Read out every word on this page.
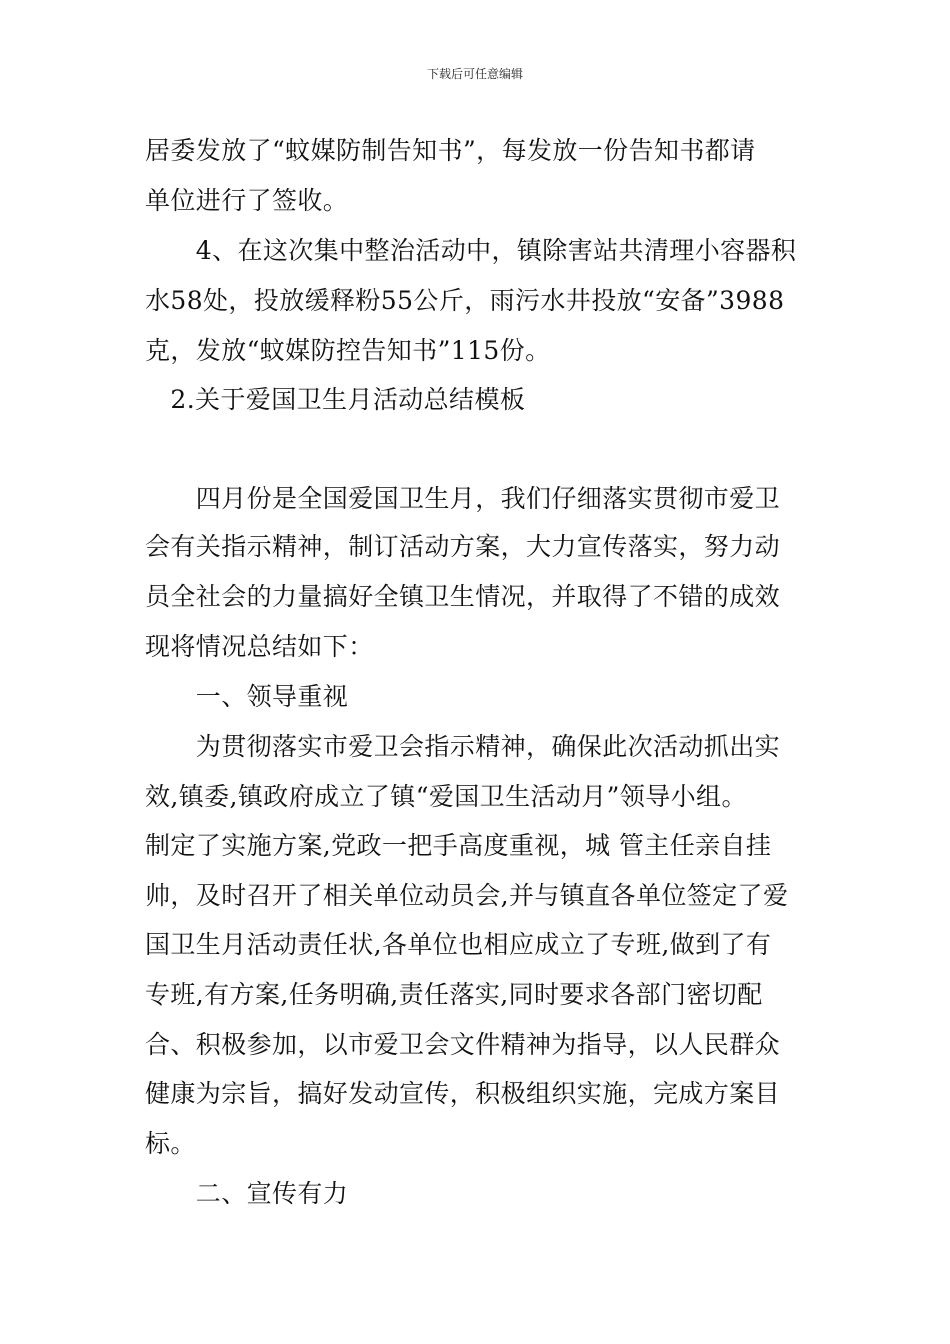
下载后可任意编辑
居委发放了“蚊媒防制告知书”，每发放一份告知书都请
单位进行了签收。
　　4、在这次集中整治活动中，镇除害站共清理小容器积
水58处，投放缓释粉55公斤，雨污水井投放“安备”3988
克，发放“蚊媒防控告知书”115份。
　2.关于爱国卫生月活动总结模板
　　四月份是全国爱国卫生月，我们仔细落实贯彻市爱卫
会有关指示精神，制订活动方案，大力宣传落实，努力动
员全社会的力量搞好全镇卫生情况，并取得了不错的成效
现将情况总结如下：
　　一、领导重视
　　为贯彻落实市爱卫会指示精神，确保此次活动抓出实
效,镇委,镇政府成立了镇“爱国卫生活动月”领导小组。
制定了实施方案,党政一把手高度重视，城 管主任亲自挂
帅，及时召开了相关单位动员会,并与镇直各单位签定了爱
国卫生月活动责任状,各单位也相应成立了专班,做到了有
专班,有方案,任务明确,责任落实,同时要求各部门密切配
合、积极参加，以市爱卫会文件精神为指导，以人民群众
健康为宗旨，搞好发动宣传，积极组织实施，完成方案目
标。
　　二、宣传有力
